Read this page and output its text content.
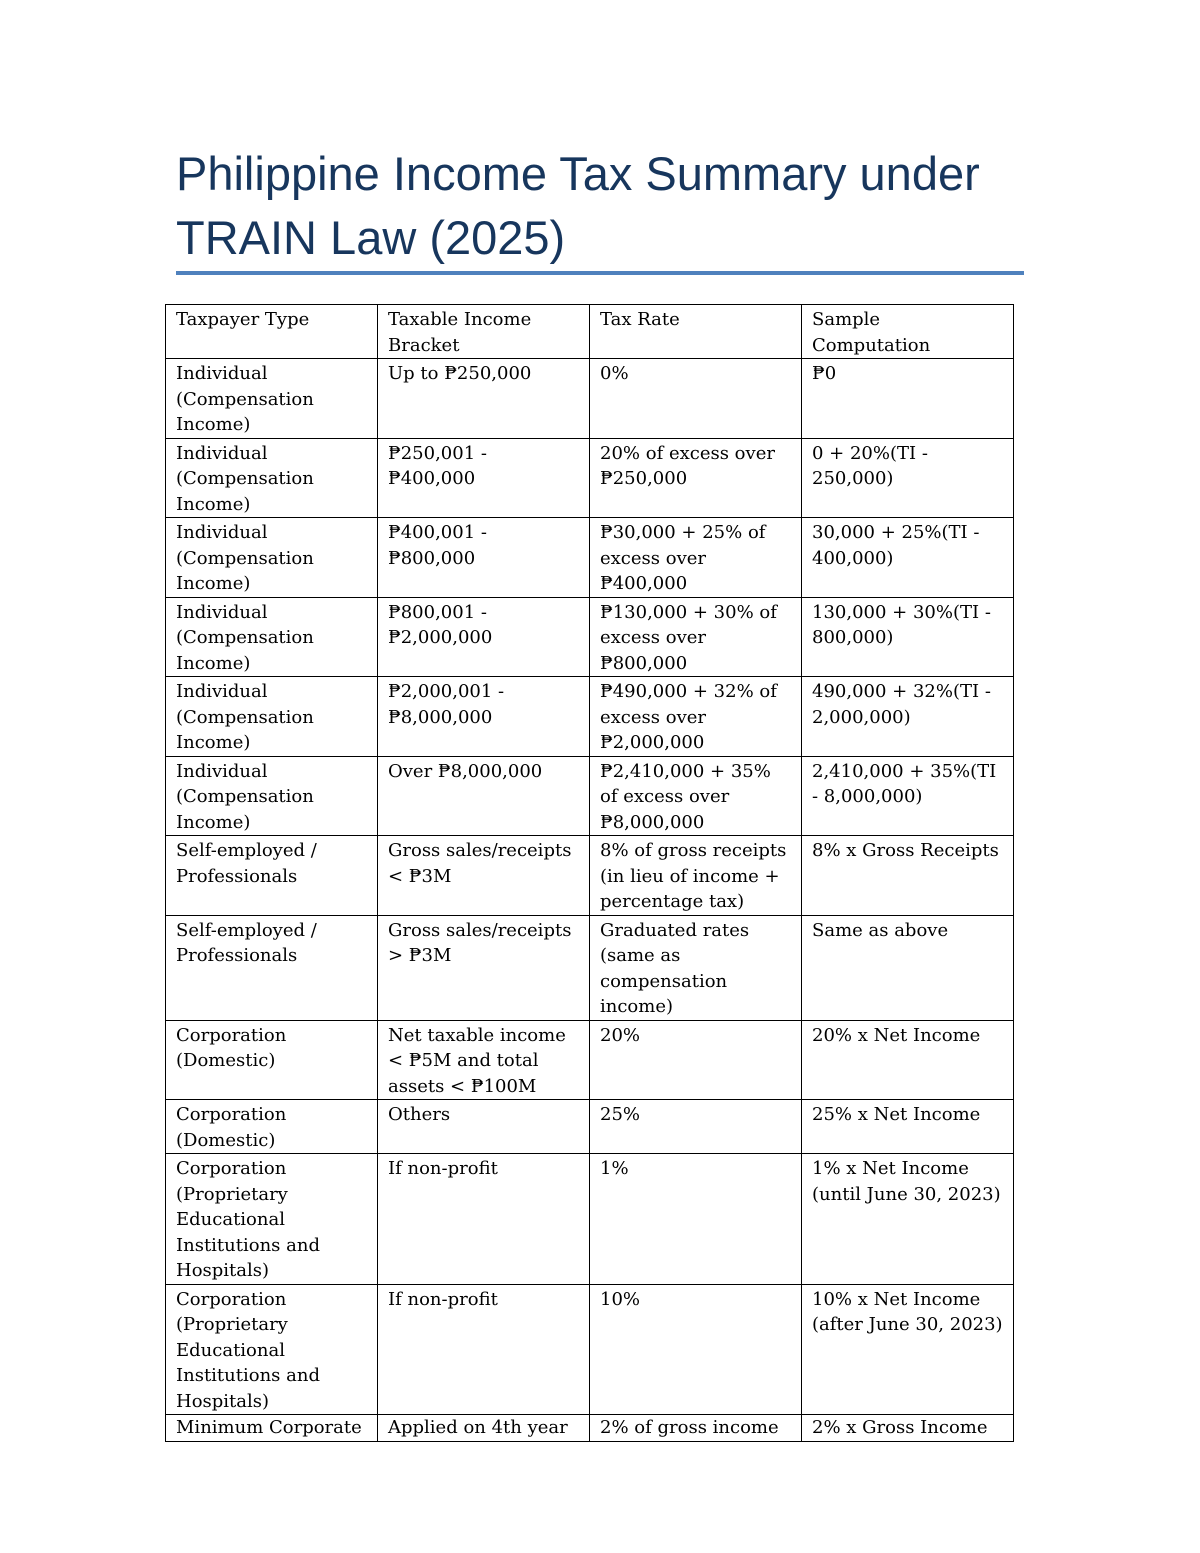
Philippine Income Tax Summary under TRAIN Law (2025)
Taxpayer Type	Taxable Income Bracket	Tax Rate	Sample Computation
Individual (Compensation Income)	Up to ₱250,000	0%	₱0
Individual (Compensation Income)	₱250,001 - ₱400,000	20% of excess over ₱250,000	0 + 20%(TI - 250,000)
Individual (Compensation Income)	₱400,001 - ₱800,000	₱30,000 + 25% of excess over ₱400,000	30,000 + 25%(TI - 400,000)
Individual (Compensation Income)	₱800,001 - ₱2,000,000	₱130,000 + 30% of excess over ₱800,000	130,000 + 30%(TI - 800,000)
Individual (Compensation Income)	₱2,000,001 - ₱8,000,000	₱490,000 + 32% of excess over ₱2,000,000	490,000 + 32%(TI - 2,000,000)
Individual (Compensation Income)	Over ₱8,000,000	₱2,410,000 + 35% of excess over ₱8,000,000	2,410,000 + 35%(TI - 8,000,000)
Self-employed / Professionals	Gross sales/receipts < ₱3M	8% of gross receipts (in lieu of income + percentage tax)	8% x Gross Receipts
Self-employed / Professionals	Gross sales/receipts > ₱3M	Graduated rates (same as compensation income)	Same as above
Corporation (Domestic)	Net taxable income < ₱5M and total assets < ₱100M	20%	20% x Net Income
Corporation (Domestic)	Others	25%	25% x Net Income
Corporation (Proprietary Educational Institutions and Hospitals)	If non-profit	1%	1% x Net Income (until June 30, 2023)
Corporation (Proprietary Educational Institutions and Hospitals)	If non-profit	10%	10% x Net Income (after June 30, 2023)
Minimum Corporate	Applied on 4th year	2% of gross income	2% x Gross Income
